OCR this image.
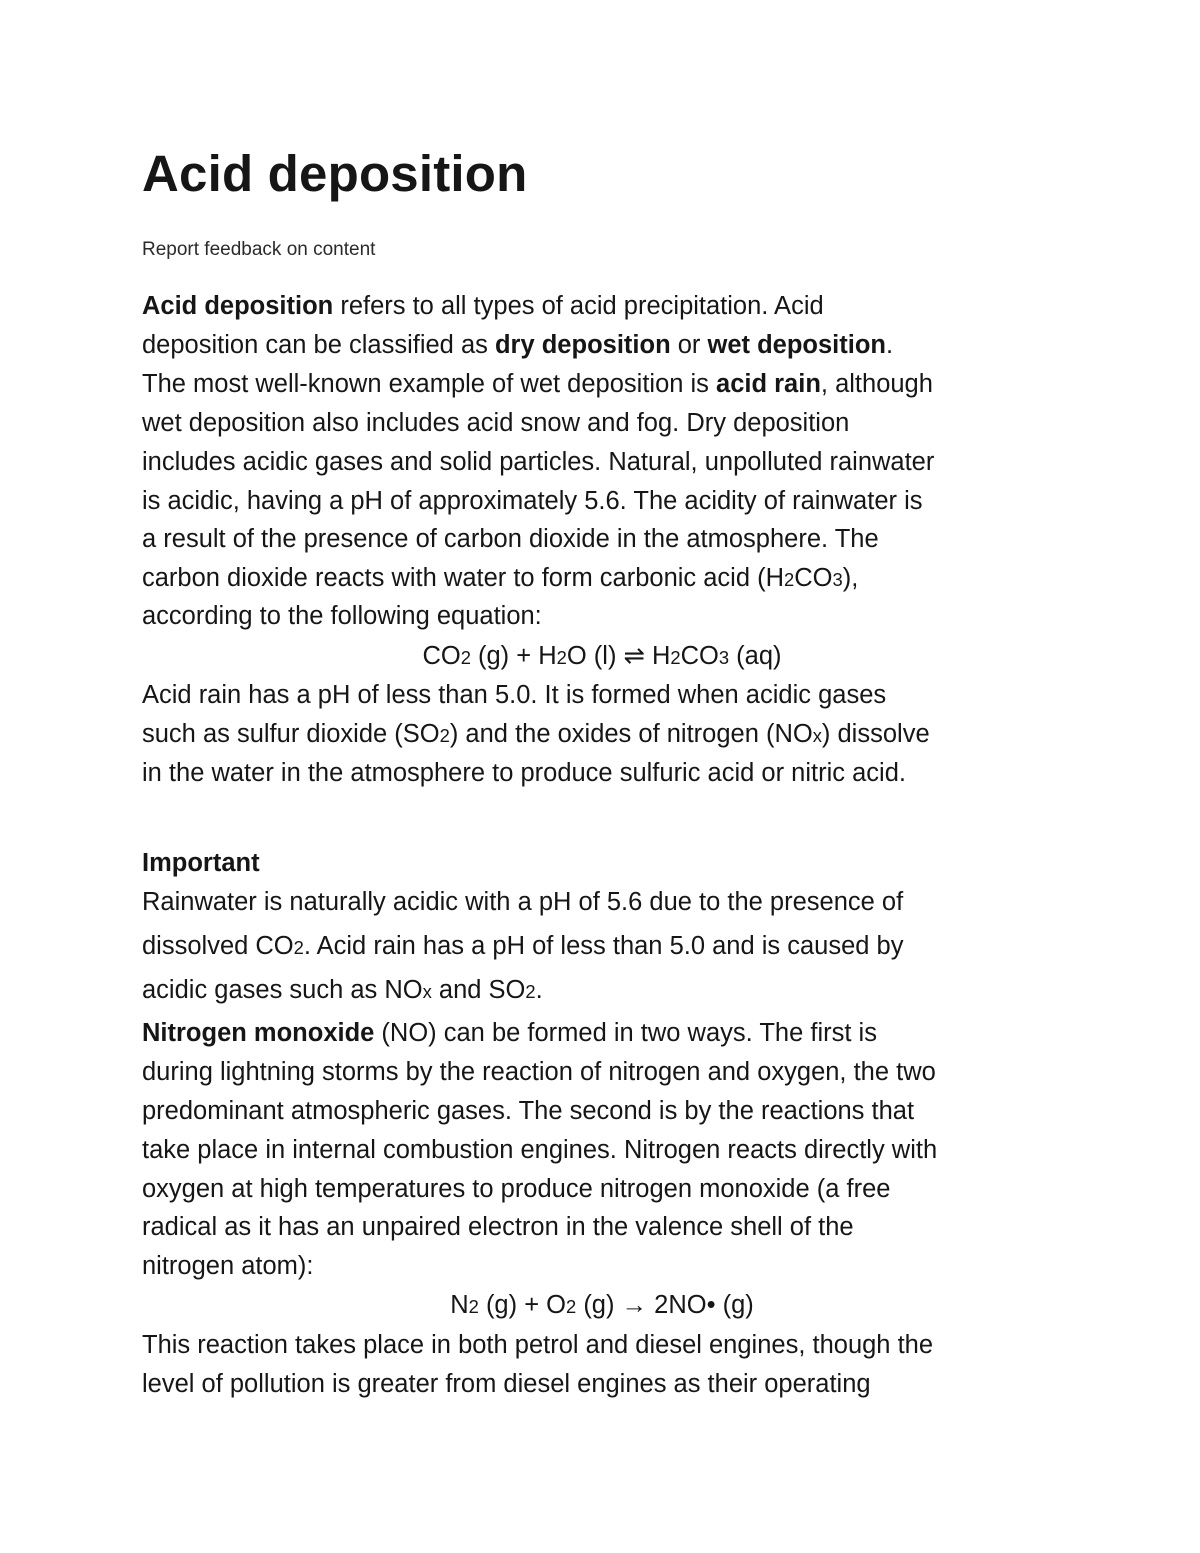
Acid deposition
Report feedback on content
Acid deposition refers to all types of acid precipitation. Acid
deposition can be classified as dry deposition or wet deposition.
The most well-known example of wet deposition is acid rain, although
wet deposition also includes acid snow and fog. Dry deposition
includes acidic gases and solid particles. Natural, unpolluted rainwater
is acidic, having a pH of approximately 5.6. The acidity of rainwater is
a result of the presence of carbon dioxide in the atmosphere. The
carbon dioxide reacts with water to form carbonic acid (H2CO3),
according to the following equation:
CO2 (g) + H2O (l) ⇌ H2CO3 (aq)
Acid rain has a pH of less than 5.0. It is formed when acidic gases
such as sulfur dioxide (SO2) and the oxides of nitrogen (NOx) dissolve
in the water in the atmosphere to produce sulfuric acid or nitric acid.
Important
Rainwater is naturally acidic with a pH of 5.6 due to the presence of
dissolved CO2. Acid rain has a pH of less than 5.0 and is caused by
acidic gases such as NOx and SO2.
Nitrogen monoxide (NO) can be formed in two ways. The first is
during lightning storms by the reaction of nitrogen and oxygen, the two
predominant atmospheric gases. The second is by the reactions that
take place in internal combustion engines. Nitrogen reacts directly with
oxygen at high temperatures to produce nitrogen monoxide (a free
radical as it has an unpaired electron in the valence shell of the
nitrogen atom):
N2 (g) + O2 (g) → 2NO• (g)
This reaction takes place in both petrol and diesel engines, though the
level of pollution is greater from diesel engines as their operating
